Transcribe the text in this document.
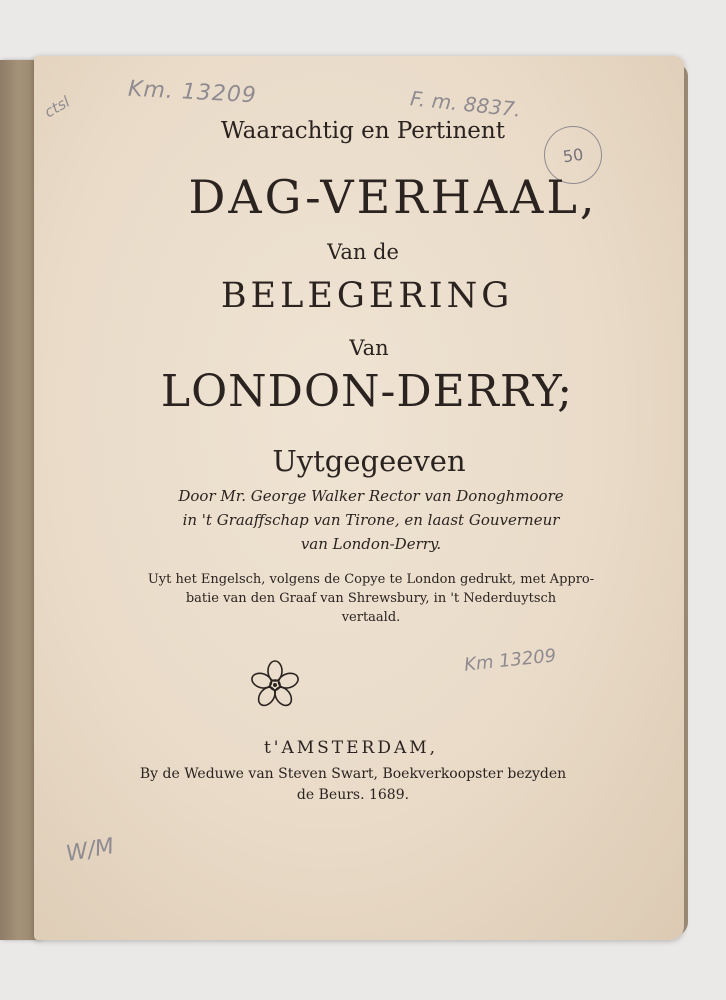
ctsl Km. 13209	F. m. 8837.
50
Km 13209
W/M
Waarachtig en Pertinent
DAG-VERHAAL,
Van de
BELEGERING
Van
LONDON-DERRY;
Uytgegeeven
Door Mr. George Walker Rector van Donoghmoore
in 't Graaffschap van Tirone, en laast Gouverneur
van London-Derry.
Uyt het Engelsch, volgens de Copye te London gedrukt, met Appro-
batie van den Graaf van Shrewsbury, in 't Nederduytsch
vertaald.
t'AMSTERDAM,
By de Weduwe van Steven Swart, Boekverkoopster bezyden
de Beurs. 1689.
